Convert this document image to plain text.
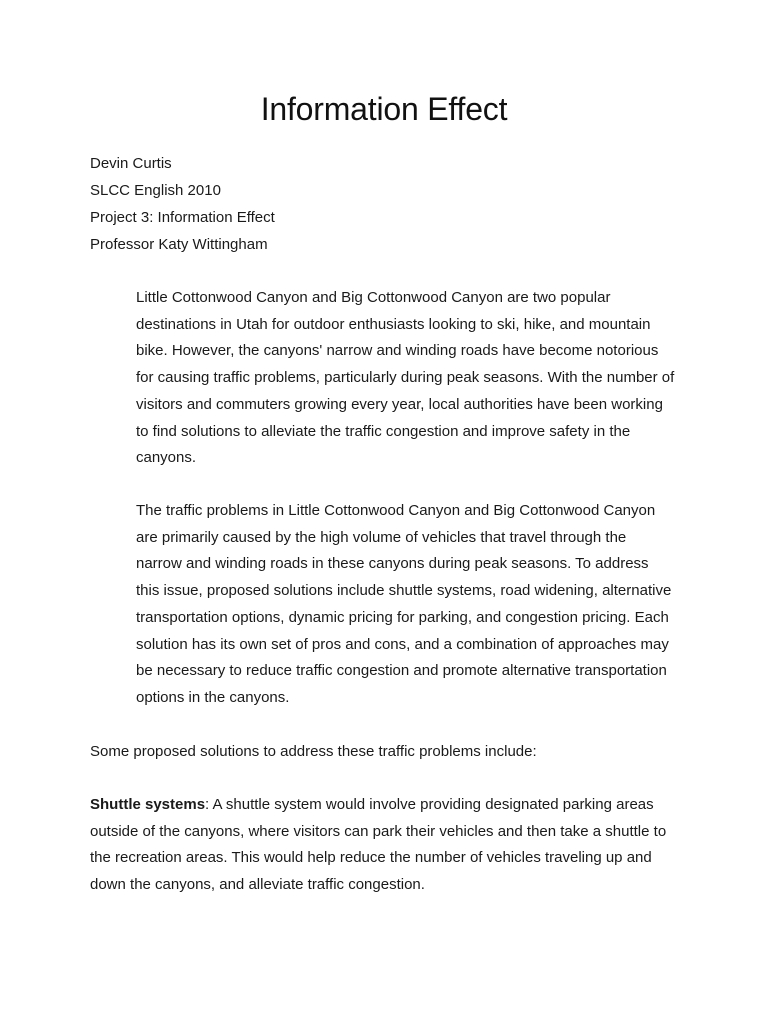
Information Effect
Devin Curtis
SLCC English 2010
Project 3: Information Effect
Professor Katy Wittingham
Little Cottonwood Canyon and Big Cottonwood Canyon are two popular
destinations in Utah for outdoor enthusiasts looking to ski, hike, and mountain
bike. However, the canyons' narrow and winding roads have become notorious
for causing traffic problems, particularly during peak seasons. With the number of
visitors and commuters growing every year, local authorities have been working
to find solutions to alleviate the traffic congestion and improve safety in the
canyons.
The traffic problems in Little Cottonwood Canyon and Big Cottonwood Canyon
are primarily caused by the high volume of vehicles that travel through the
narrow and winding roads in these canyons during peak seasons. To address
this issue, proposed solutions include shuttle systems, road widening, alternative
transportation options, dynamic pricing for parking, and congestion pricing. Each
solution has its own set of pros and cons, and a combination of approaches may
be necessary to reduce traffic congestion and promote alternative transportation
options in the canyons.
Some proposed solutions to address these traffic problems include:
Shuttle systems: A shuttle system would involve providing designated parking areas
outside of the canyons, where visitors can park their vehicles and then take a shuttle to
the recreation areas. This would help reduce the number of vehicles traveling up and
down the canyons, and alleviate traffic congestion.
